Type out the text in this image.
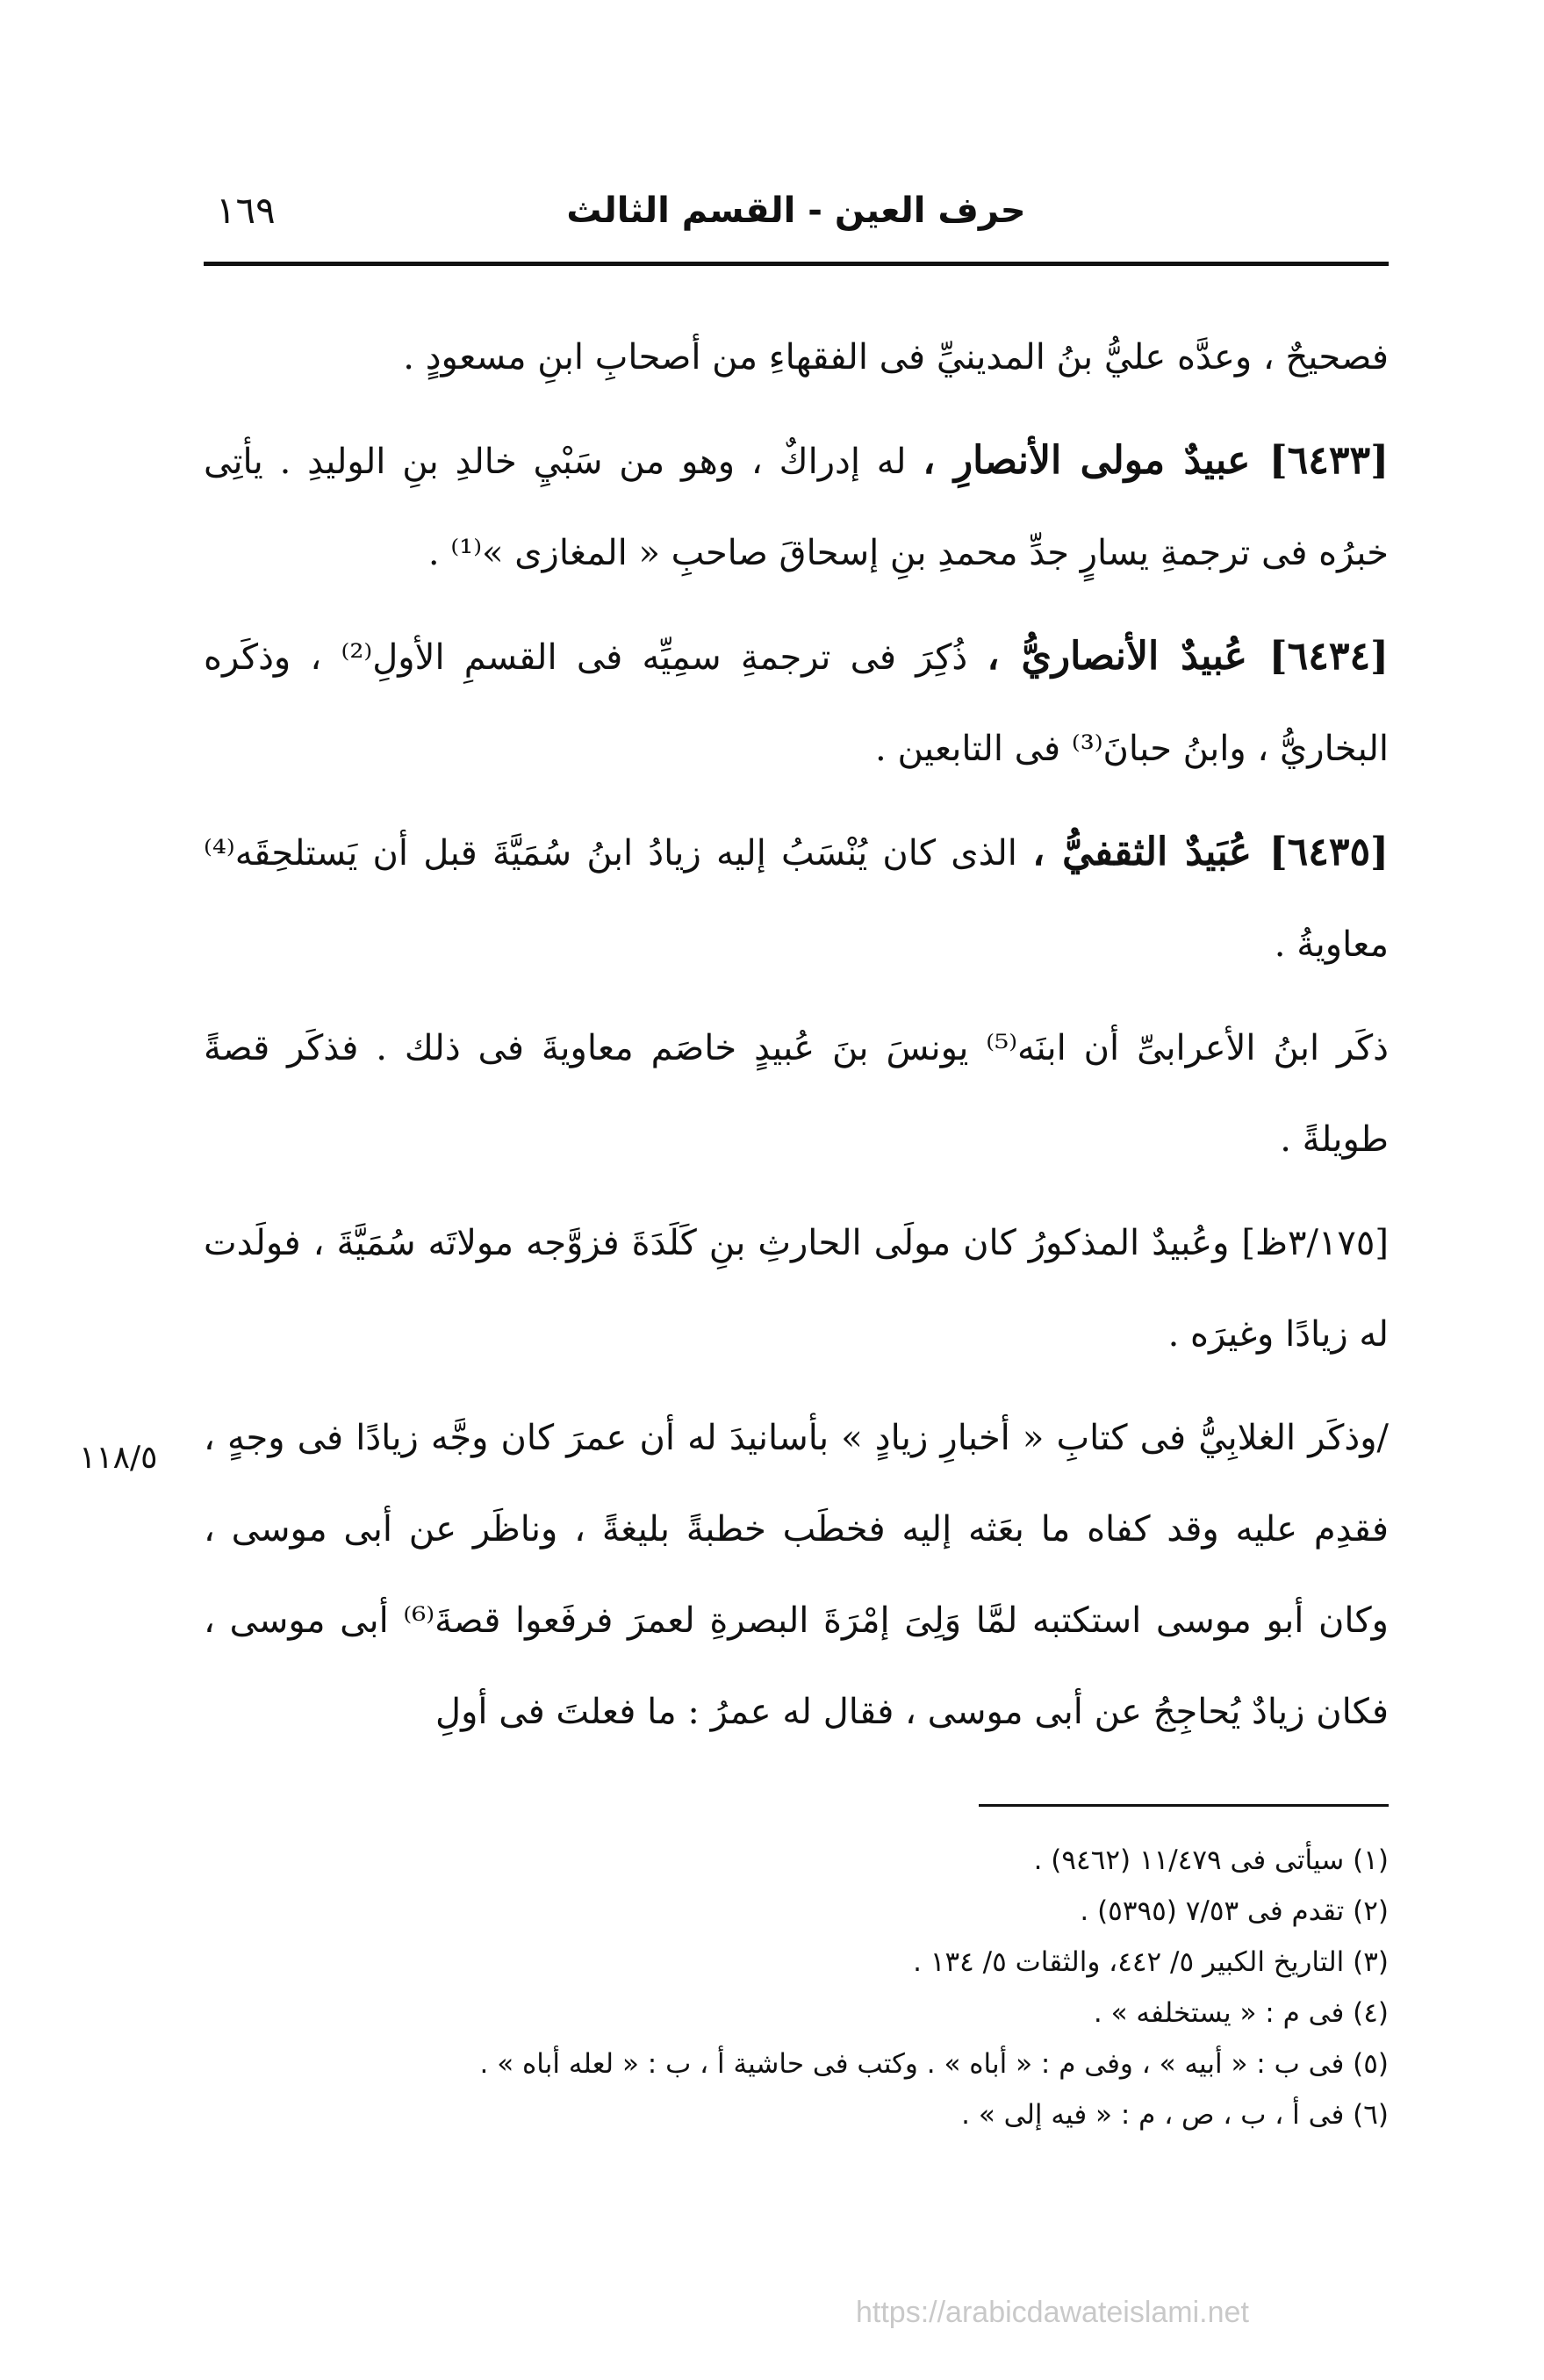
حرف العين - القسم الثالث
١٦٩

فصحيحٌ ، وعدَّه عليُّ بنُ المدينيِّ فى الفقهاءِ من أصحابِ ابنِ مسعودٍ .

[٦٤٣٣] عبيدٌ مولى الأنصارِ ، له إدراكٌ ، وهو من سَبْيِ خالدِ بنِ الوليدِ . يأتِى خبرُه فى ترجمةِ يسارٍ جدِّ محمدِ بنِ إسحاقَ صاحبِ « المغازى »⁽¹⁾ .

[٦٤٣٤] عُبيدٌ الأنصاريُّ ، ذُكِرَ فى ترجمةِ سمِيِّه فى القسمِ الأولِ⁽²⁾ ، وذكَره البخاريُّ ، وابنُ حبانَ⁽³⁾ فى التابعين .

[٦٤٣٥] عُبَيدٌ الثقفيُّ ، الذى كان يُنْسَبُ إليه زيادُ ابنُ سُمَيَّةَ قبل أن يَستلحِقَه⁽⁴⁾ معاويةُ .

ذكَر ابنُ الأعرابىِّ أن ابنَه⁽⁵⁾ يونسَ بنَ عُبيدٍ خاصَم معاويةَ فى ذلك . فذكَر قصةً طويلةً .

[٣/١٧٥ظ] وعُبيدٌ المذكورُ كان مولَى الحارثِ بنِ كَلَدَةَ فزوَّجه مولاتَه سُمَيَّةَ ، فولَدت له زيادًا وغيرَه .

/وذكَر الغلابِيُّ فى كتابِ « أخبارِ زيادٍ » بأسانيدَ له أن عمرَ كان وجَّه زيادًا فى وجهٍ ، فقدِم عليه وقد كفاه ما بعَثه إليه فخطَب خطبةً بليغةً ، وناظَر عن أبى موسى ، وكان أبو موسى استكتبه لمَّا وَلِىَ إمْرَةَ البصرةِ لعمرَ فرفَعوا قصةَ⁽⁶⁾ أبى موسى ، فكان زيادٌ يُحاجِجُ عن أبى موسى ، فقال له عمرُ : ما فعلتَ فى أولِ

١١٨/٥
(١) سيأتى فى ١١/٤٧٩ (٩٤٦٢) .
(٢) تقدم فى ٧/٥٣ (٥٣٩٥) .
(٣) التاريخ الكبير ٥/ ٤٤٢، والثقات ٥/ ١٣٤ .
(٤) فى م : « يستخلفه » .
(٥) فى ب : « أبيه » ، وفى م : « أباه » . وكتب فى حاشية أ ، ب : « لعله أباه » .
(٦) فى أ ، ب ، ص ، م : « فيه إلى » .
https://arabicdawateislami.net
